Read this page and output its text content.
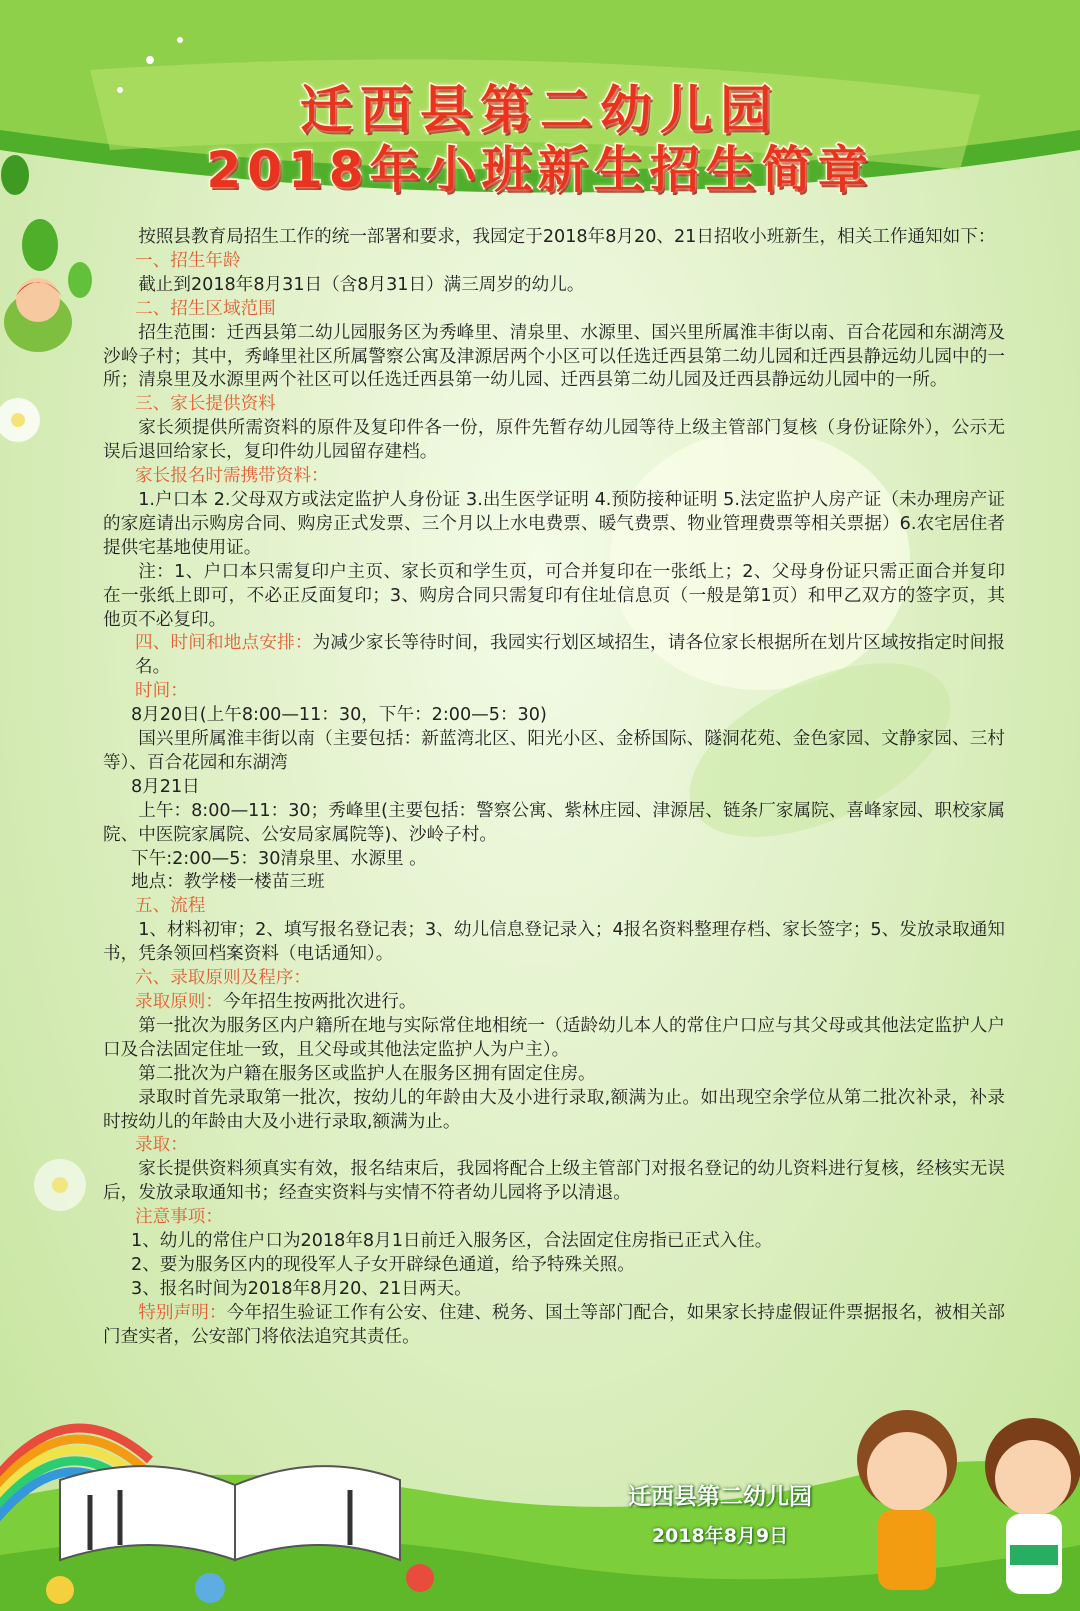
迁西县第二幼儿园
2018年小班新生招生简章

按照县教育局招生工作的统一部署和要求，我园定于2018年8月20、21日招收小班新生，相关工作通知如下：

一、招生年龄

截止到2018年8月31日（含8月31日）满三周岁的幼儿。

二、招生区域范围

招生范围：迁西县第二幼儿园服务区为秀峰里、清泉里、水源里、国兴里所属淮丰街以南、百合花园和东湖湾及沙岭子村；其中，秀峰里社区所属警察公寓及津源居两个小区可以任选迁西县第二幼儿园和迁西县静远幼儿园中的一所；清泉里及水源里两个社区可以任选迁西县第一幼儿园、迁西县第二幼儿园及迁西县静远幼儿园中的一所。

三、家长提供资料

家长须提供所需资料的原件及复印件各一份，原件先暂存幼儿园等待上级主管部门复核（身份证除外），公示无误后退回给家长，复印件幼儿园留存建档。

家长报名时需携带资料：

1.户口本 2.父母双方或法定监护人身份证 3.出生医学证明 4.预防接种证明 5.法定监护人房产证（未办理房产证的家庭请出示购房合同、购房正式发票、三个月以上水电费票、暖气费票、物业管理费票等相关票据）6.农宅居住者提供宅基地使用证。

注：1、户口本只需复印户主页、家长页和学生页，可合并复印在一张纸上；2、父母身份证只需正面合并复印在一张纸上即可，不必正反面复印；3、购房合同只需复印有住址信息页（一般是第1页）和甲乙双方的签字页，其他页不必复印。

四、时间和地点安排：为减少家长等待时间，我园实行划区域招生，请各位家长根据所在划片区域按指定时间报名。

时间：

8月20日(上午8:00—11：30，下午：2:00—5：30)

国兴里所属淮丰街以南（主要包括：新蓝湾北区、阳光小区、金桥国际、隧洞花苑、金色家园、文静家园、三村等）、百合花园和东湖湾

8月21日

上午：8:00—11：30；秀峰里(主要包括：警察公寓、紫林庄园、津源居、链条厂家属院、喜峰家园、职校家属院、中医院家属院、公安局家属院等)、沙岭子村。

下午:2:00—5：30清泉里、水源里 。

地点：教学楼一楼苗三班

五、流程

1、材料初审；2、填写报名登记表；3、幼儿信息登记录入；4报名资料整理存档、家长签字；5、发放录取通知书，凭条领回档案资料（电话通知）。

六、录取原则及程序：

录取原则：今年招生按两批次进行。

第一批次为服务区内户籍所在地与实际常住地相统一（适龄幼儿本人的常住户口应与其父母或其他法定监护人户口及合法固定住址一致，且父母或其他法定监护人为户主）。

第二批次为户籍在服务区或监护人在服务区拥有固定住房。

录取时首先录取第一批次，按幼儿的年龄由大及小进行录取,额满为止。如出现空余学位从第二批次补录，补录时按幼儿的年龄由大及小进行录取,额满为止。

录取：

家长提供资料须真实有效，报名结束后，我园将配合上级主管部门对报名登记的幼儿资料进行复核，经核实无误后，发放录取通知书；经查实资料与实情不符者幼儿园将予以清退。

注意事项：

1、幼儿的常住户口为2018年8月1日前迁入服务区，合法固定住房指已正式入住。

2、要为服务区内的现役军人子女开辟绿色通道，给予特殊关照。

3、报名时间为2018年8月20、21日两天。

特别声明：今年招生验证工作有公安、住建、税务、国土等部门配合，如果家长持虚假证件票据报名，被相关部门查实者，公安部门将依法追究其责任。

迁西县第二幼儿园
2018年8月9日
